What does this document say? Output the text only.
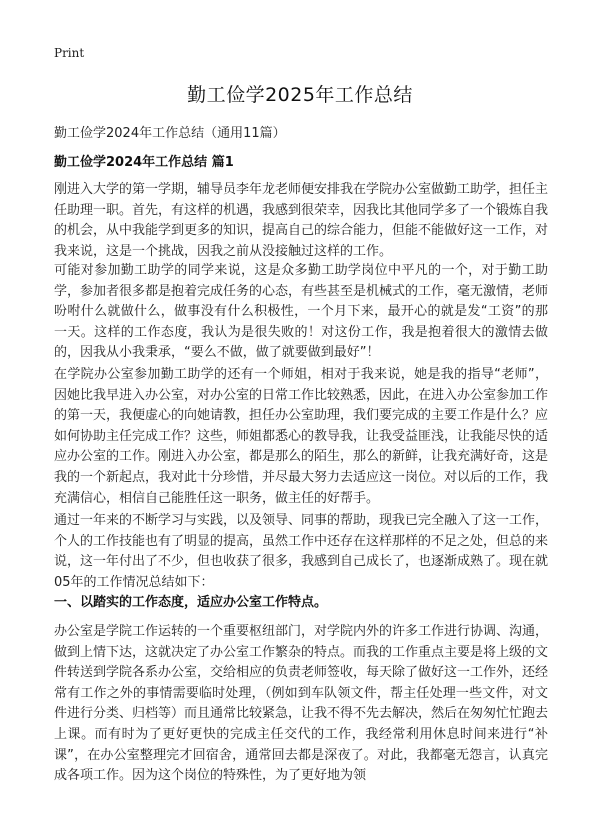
Print
勤工俭学2025年工作总结
勤工俭学2024年工作总结（通用11篇）
勤工俭学2024年工作总结 篇1

刚进入大学的第一学期，辅导员李年龙老师便安排我在学院办公室做勤工助学，担任主任助理一职。首先，有这样的机遇，我感到很荣幸，因我比其他同学多了一个锻炼自我的机会，从中我能学到更多的知识，提高自己的综合能力，但能不能做好这一工作，对我来说，这是一个挑战，因我之前从没接触过这样的工作。

可能对参加勤工助学的同学来说，这是众多勤工助学岗位中平凡的一个，对于勤工助学，参加者很多都是抱着完成任务的心态，有些甚至是机械式的工作，毫无激情，老师吩咐什么就做什么，做事没有什么积极性，一个月下来，最开心的就是发“工资”的那一天。这样的工作态度，我认为是很失败的！对这份工作，我是抱着很大的激情去做的，因我从小我秉承，“要么不做，做了就要做到最好”！

在学院办公室参加勤工助学的还有一个师姐，相对于我来说，她是我的指导“老师”，因她比我早进入办公室，对办公室的日常工作比较熟悉，因此，在进入办公室参加工作的第一天，我便虚心的向她请教，担任办公室助理，我们要完成的主要工作是什么？应如何协助主任完成工作？这些，师姐都悉心的教导我，让我受益匪浅，让我能尽快的适应办公室的工作。刚进入办公室，都是那么的陌生，那么的新鲜，让我充满好奇，这是我的一个新起点，我对此十分珍惜，并尽最大努力去适应这一岗位。对以后的工作，我充满信心，相信自己能胜任这一职务，做主任的好帮手。

通过一年来的不断学习与实践，以及领导、同事的帮助，现我已完全融入了这一工作，个人的工作技能也有了明显的提高，虽然工作中还存在这样那样的不足之处，但总的来说，这一年付出了不少，但也收获了很多，我感到自己成长了，也逐渐成熟了。现在就05年的工作情况总结如下：

一、以踏实的工作态度，适应办公室工作特点。

办公室是学院工作运转的一个重要枢纽部门，对学院内外的许多工作进行协调、沟通，做到上情下达，这就决定了办公室工作繁杂的特点。而我的工作重点主要是将上级的文件转送到学院各系办公室，交给相应的负责老师签收，每天除了做好这一工作外，还经常有工作之外的事情需要临时处理，（例如到车队领文件，帮主任处理一些文件，对文件进行分类、归档等）而且通常比较紧急，让我不得不先去解决，然后在匆匆忙忙跑去上课。而有时为了更好更快的完成主任交代的工作，我经常利用休息时间来进行“补课”，在办公室整理完才回宿舍，通常回去都是深夜了。对此，我都毫无怨言，认真完成各项工作。因为这个岗位的特殊性，为了更好地为领
